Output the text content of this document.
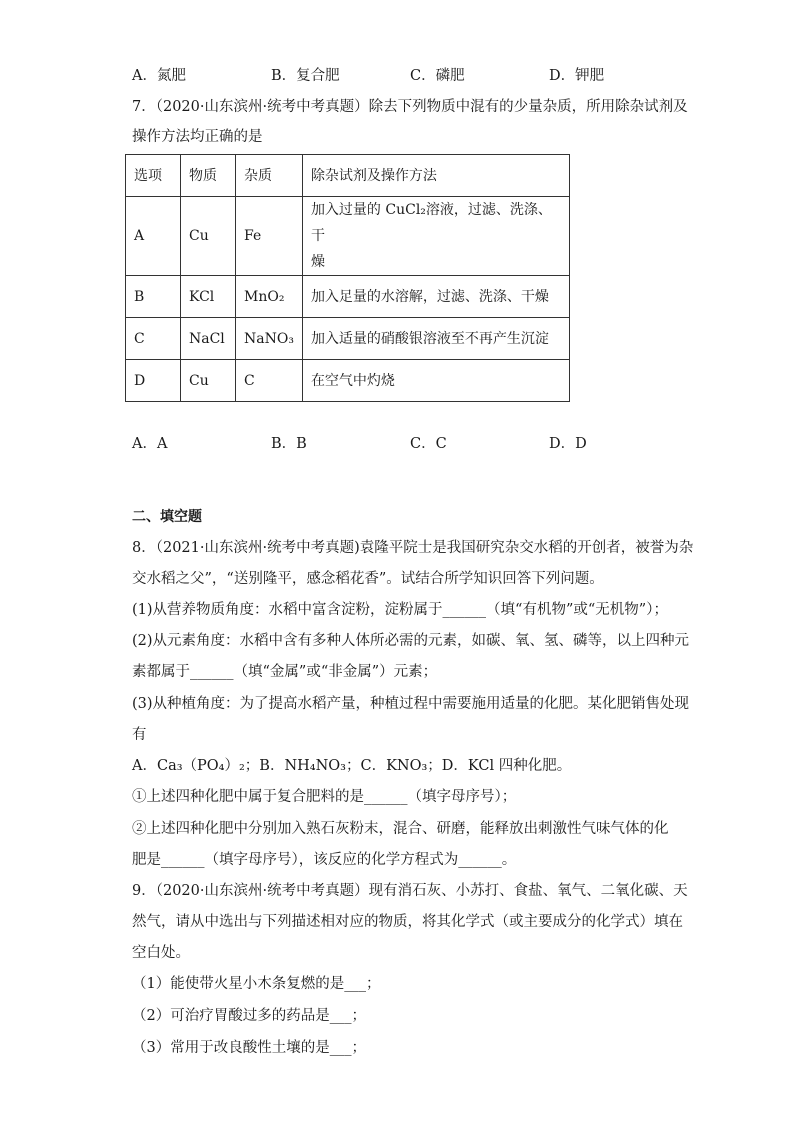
A．氮肥	B．复合肥	C．磷肥	D．钾肥
7．（2020·山东滨州·统考中考真题）除去下列物质中混有的少量杂质，所用除杂试剂及
操作方法均正确的是
选项	物质	杂质	除杂试剂及操作方法
A	Cu	Fe	加入过量的 CuCl₂溶液，过滤、洗涤、干
燥

B	KCl	MnO₂	加入足量的水溶解，过滤、洗涤、干燥
C	NaCl	NaNO₃	加入适量的硝酸银溶液至不再产生沉淀
D	Cu	C	在空气中灼烧
A．A	B．B	C．C	D．D
二、填空题
8．（2021·山东滨州·统考中考真题)袁隆平院士是我国研究杂交水稻的开创者，被誉为杂
交水稻之父”，“送别隆平，感念稻花香”。试结合所学知识回答下列问题。
(1)从营养物质角度：水稻中富含淀粉，淀粉属于______（填“有机物”或“无机物”）；
(2)从元素角度：水稻中含有多种人体所必需的元素，如碳、氧、氢、磷等，以上四种元
素都属于______（填“金属”或“非金属”）元素；
(3)从种植角度：为了提高水稻产量，种植过程中需要施用适量的化肥。某化肥销售处现
有
A．Ca₃（PO₄）₂；B．NH₄NO₃；C．KNO₃；D．KCl 四种化肥。
①上述四种化肥中属于复合肥料的是______（填字母序号）；
②上述四种化肥中分别加入熟石灰粉末，混合、研磨，能释放出刺激性气味气体的化
肥是______（填字母序号），该反应的化学方程式为______。
9．（2020·山东滨州·统考中考真题）现有消石灰、小苏打、食盐、氧气、二氧化碳、天
然气，请从中选出与下列描述相对应的物质，将其化学式（或主要成分的化学式）填在
空白处。
（1）能使带火星小木条复燃的是___；
（2）可治疗胃酸过多的药品是___；
（3）常用于改良酸性土壤的是___；
